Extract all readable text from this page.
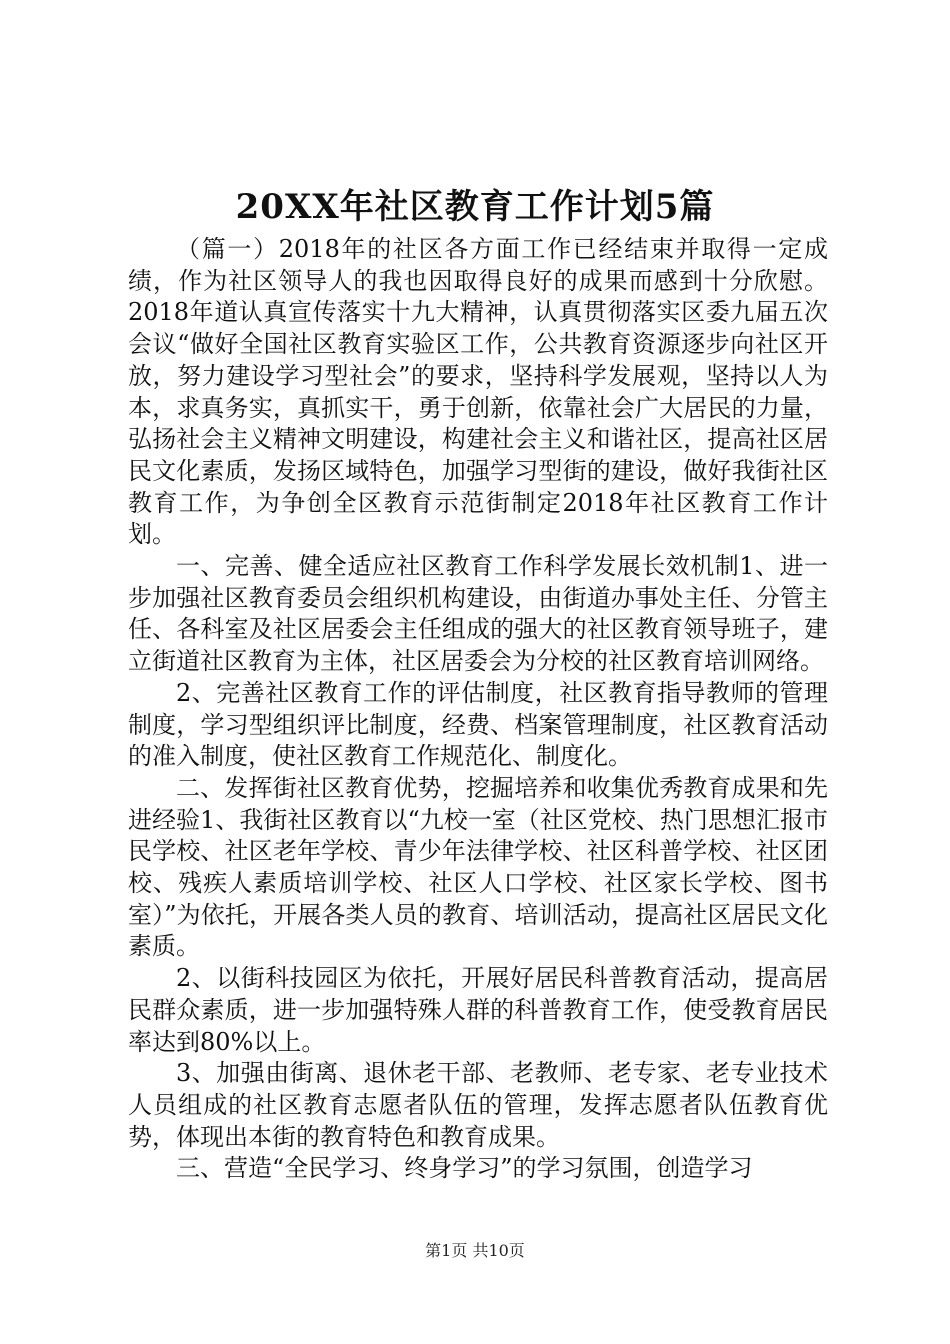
20XX年社区教育工作计划5篇

（篇一）2018年的社区各方面工作已经结束并取得一定成绩，作为社区领导人的我也因取得良好的成果而感到十分欣慰。2018年道认真宣传落实十九大精神，认真贯彻落实区委九届五次会议“做好全国社区教育实验区工作，公共教育资源逐步向社区开放，努力建设学习型社会”的要求，坚持科学发展观，坚持以人为本，求真务实，真抓实干，勇于创新，依靠社会广大居民的力量，弘扬社会主义精神文明建设，构建社会主义和谐社区，提高社区居民文化素质，发扬区域特色，加强学习型街的建设，做好我街社区教育工作，为争创全区教育示范街制定2018年社区教育工作计划。

一、完善、健全适应社区教育工作科学发展长效机制1、进一步加强社区教育委员会组织机构建设，由街道办事处主任、分管主任、各科室及社区居委会主任组成的强大的社区教育领导班子，建立街道社区教育为主体，社区居委会为分校的社区教育培训网络。

2、完善社区教育工作的评估制度，社区教育指导教师的管理制度，学习型组织评比制度，经费、档案管理制度，社区教育活动的准入制度，使社区教育工作规范化、制度化。

二、发挥街社区教育优势，挖掘培养和收集优秀教育成果和先进经验1、我街社区教育以“九校一室（社区党校、热门思想汇报市民学校、社区老年学校、青少年法律学校、社区科普学校、社区团校、残疾人素质培训学校、社区人口学校、社区家长学校、图书室）”为依托，开展各类人员的教育、培训活动，提高社区居民文化素质。

2、以街科技园区为依托，开展好居民科普教育活动，提高居民群众素质，进一步加强特殊人群的科普教育工作，使受教育居民率达到80%以上。

3、加强由街离、退休老干部、老教师、老专家、老专业技术人员组成的社区教育志愿者队伍的管理，发挥志愿者队伍教育优势，体现出本街的教育特色和教育成果。

三、营造“全民学习、终身学习”的学习氛围，创造学习

第1页 共10页
